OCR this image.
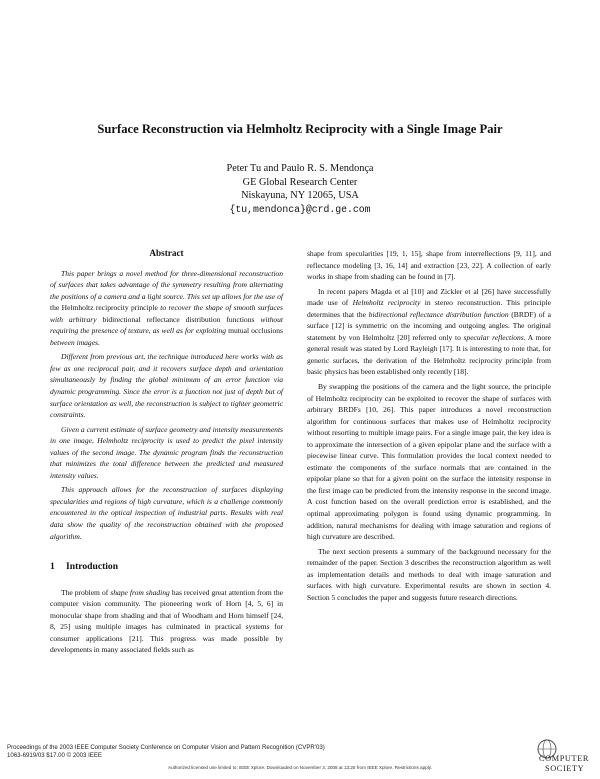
Surface Reconstruction via Helmholtz Reciprocity with a Single Image Pair
Peter Tu and Paulo R. S. Mendonça
GE Global Research Center
Niskayuna, NY 12065, USA
{tu,mendonca}@crd.ge.com
Abstract

This paper brings a novel method for three-dimensional reconstruction of surfaces that takes advantage of the symmetry resulting from alternating the positions of a camera and a light source. This set up allows for the use of the Helmholtz reciprocity principle to recover the shape of smooth surfaces with arbitrary bidirectional reflectance distribution functions without requiring the presence of texture, as well as for exploiting mutual occlusions between images.

Different from previous art, the technique introduced here works with as few as one reciprocal pair, and it recovers surface depth and orientation simultaneously by finding the global minimum of an error function via dynamic programming. Since the error is a function not just of depth but of surface orientation as well, the reconstruction is subject to tighter geometric constraints.

Given a current estimate of surface geometry and intensity measurements in one image, Helmholtz reciprocity is used to predict the pixel intensity values of the second image. The dynamic program finds the reconstruction that minimizes the total difference between the predicted and measured intensity values.

This approach allows for the reconstruction of surfaces displaying specularities and regions of high curvature, which is a challenge commonly encountered in the optical inspection of industrial parts. Results with real data show the quality of the reconstruction obtained with the proposed algorithm.

1 Introduction

The problem of shape from shading has received great attention from the computer vision community. The pioneering work of Horn [4, 5, 6] in monocular shape from shading and that of Woodham and Horn himself [24, 8, 25] using multiple images has culminated in practical systems for consumer applications [21]. This progress was made possible by developments in many associated fields such as

shape from specularities [19, 1, 15], shape from interreflections [9, 11], and reflectance modeling [3, 16, 14] and extraction [23, 22]. A collection of early works in shape from shading can be found in [7].

In recent papers Magda et al [10] and Zickler et al [26] have successfully made use of Helmholtz reciprocity in stereo reconstruction. This principle determines that the bidirectional reflectance distribution function (BRDF) of a surface [12] is symmetric on the incoming and outgoing angles. The original statement by von Helmholtz [20] referred only to specular reflections. A more general result was stated by Lord Rayleigh [17]. It is interesting to note that, for generic surfaces, the derivation of the Helmholtz reciprocity principle from basic physics has been established only recently [18].

By swapping the positions of the camera and the light source, the principle of Helmholtz reciprocity can be exploited to recover the shape of surfaces with arbitrary BRDFs [10, 26]. This paper introduces a novel reconstruction algorithm for continuous surfaces that makes use of Helmholtz reciprocity without resorting to multiple image pairs. For a single image pair, the key idea is to approximate the intersection of a given epipolar plane and the surface with a piecewise linear curve. This formulation provides the local context needed to estimate the components of the surface normals that are contained in the epipolar plane so that for a given point on the surface the intensity response in the first image can be predicted from the intensity response in the second image. A cost function based on the overall prediction error is established, and the optimal approximating polygon is found using dynamic programming. In addition, natural mechanisms for dealing with image saturation and regions of high curvature are described.

The next section presents a summary of the background necessary for the remainder of the paper. Section 3 describes the reconstruction algorithm as well as implementation details and methods to deal with image saturation and surfaces with high curvature. Experimental results are shown in section 4. Section 5 concludes the paper and suggests future research directions.

Proceedings of the 2003 IEEE Computer Society Conference on Computer Vision and Pattern Recognition (CVPR'03)
1063-6919/03 $17.00 © 2003 IEEE	COMPUTER
SOCIETY
Authorized licensed use limited to: IEEE Xplore. Downloaded on November 3, 2008 at 13:25 from IEEE Xplore. Restrictions apply.
